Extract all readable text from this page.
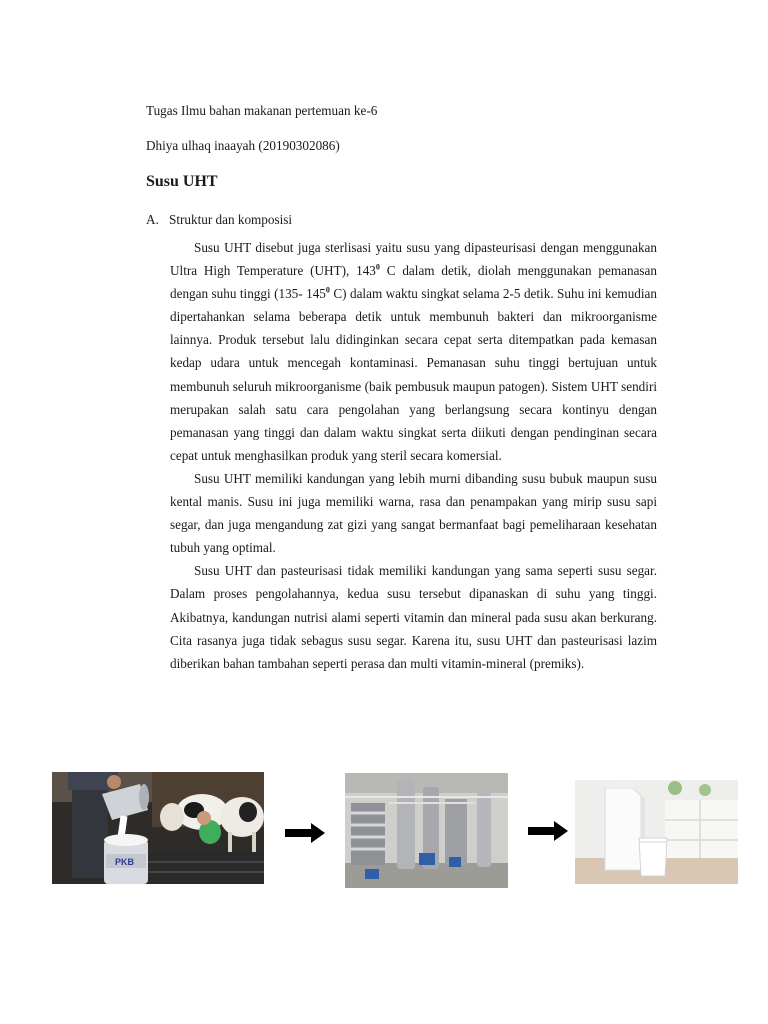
Tugas Ilmu bahan makanan pertemuan ke-6
Dhiya ulhaq inaayah (20190302086)
Susu UHT
A. Struktur dan komposisi

Susu UHT disebut juga sterlisasi yaitu susu yang dipasteurisasi dengan menggunakan Ultra High Temperature (UHT), $143^0$ C dalam detik, diolah menggunakan pemanasan dengan suhu tinggi (135- $145^0$ C) dalam waktu singkat selama 2-5 detik. Suhu ini kemudian dipertahankan selama beberapa detik untuk membunuh bakteri dan mikroorganisme lainnya. Produk tersebut lalu didinginkan secara cepat serta ditempatkan pada kemasan kedap udara untuk mencegah kontaminasi. Pemanasan suhu tinggi bertujuan untuk membunuh seluruh mikroorganisme (baik pembusuk maupun patogen). Sistem UHT sendiri merupakan salah satu cara pengolahan yang berlangsung secara kontinyu dengan pemanasan yang tinggi dan dalam waktu singkat serta diikuti dengan pendinginan secara cepat untuk menghasilkan produk yang steril secara komersial.

Susu UHT memiliki kandungan yang lebih murni dibanding susu bubuk maupun susu kental manis. Susu ini juga memiliki warna, rasa dan penampakan yang mirip susu sapi segar, dan juga mengandung zat gizi yang sangat bermanfaat bagi pemeliharaan kesehatan tubuh yang optimal.

Susu UHT dan pasteurisasi tidak memiliki kandungan yang sama seperti susu segar. Dalam proses pengolahannya, kedua susu tersebut dipanaskan di suhu yang tinggi. Akibatnya, kandungan nutrisi alami seperti vitamin dan mineral pada susu akan berkurang. Cita rasanya juga tidak sebagus susu segar. Karena itu, susu UHT dan pasteurisasi lazim diberikan bahan tambahan seperti perasa dan multi vitamin-mineral (premiks).

PKB
